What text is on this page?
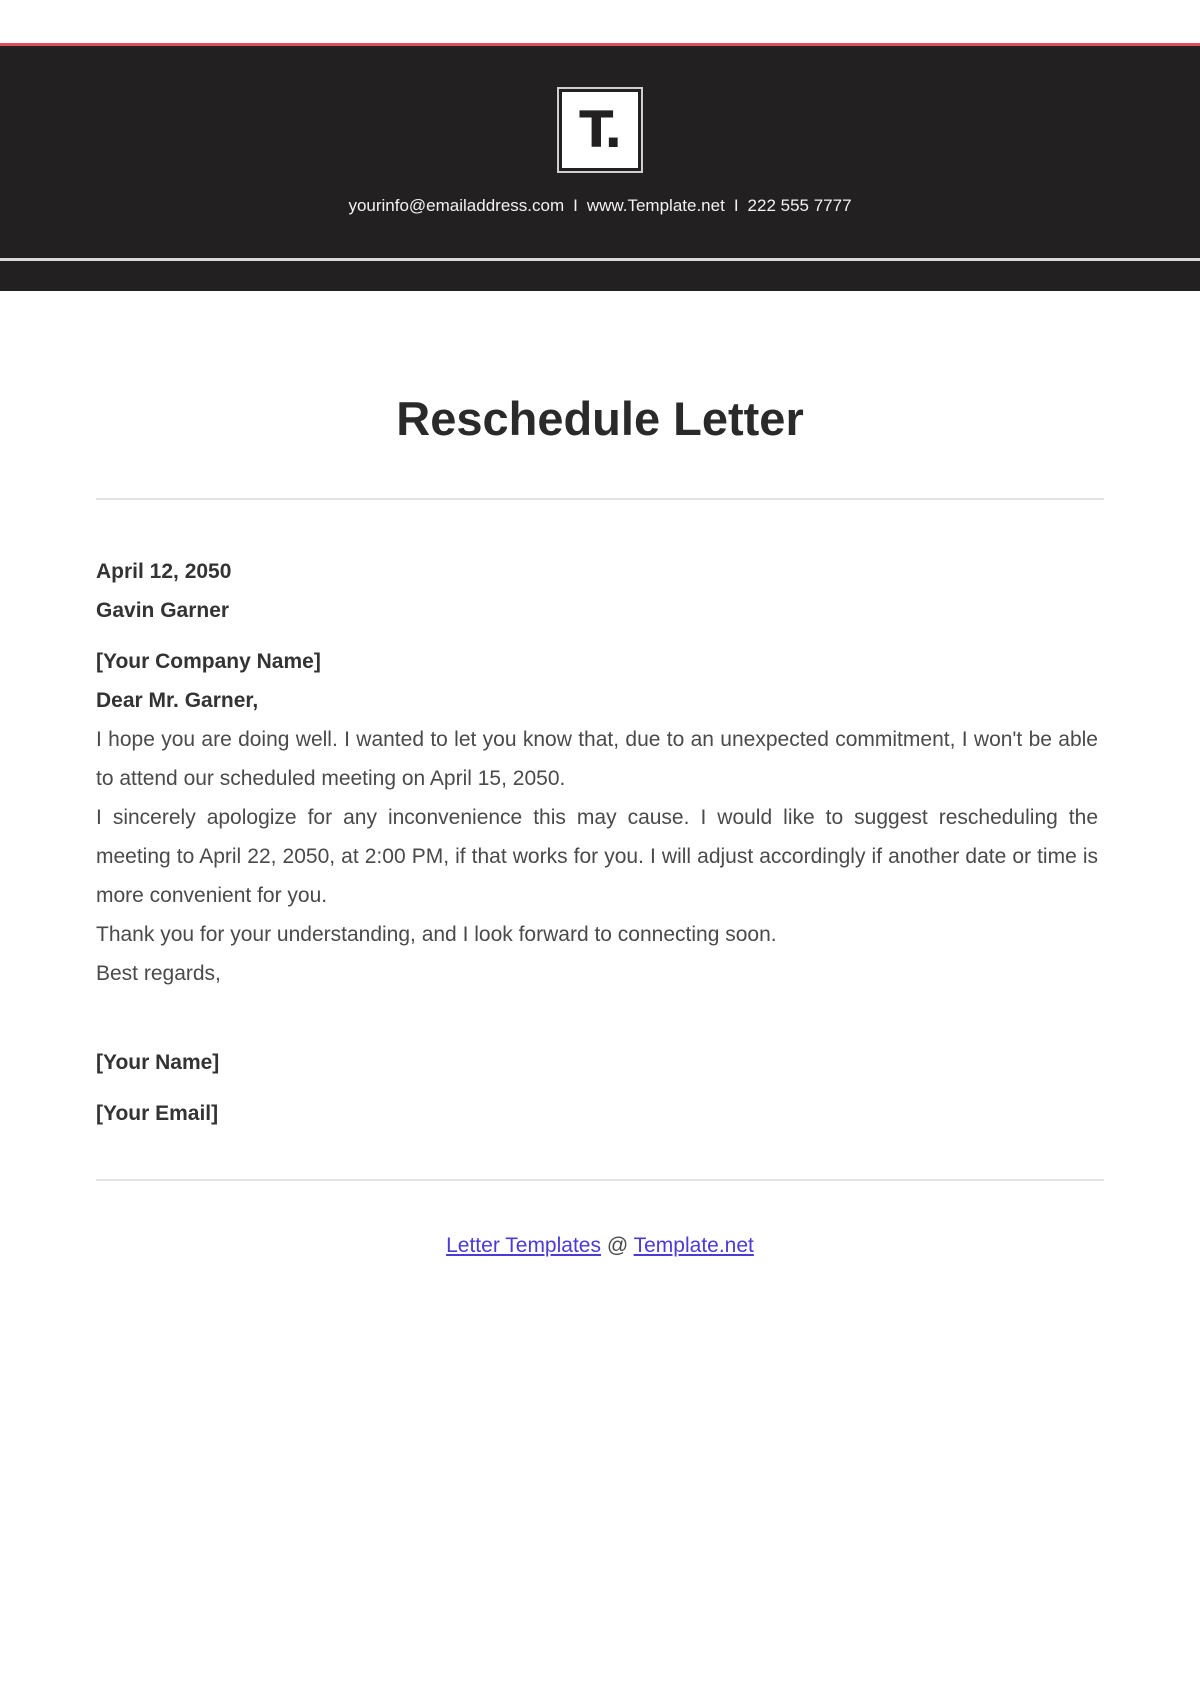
T.
yourinfo@emailaddress.com I www.Template.net I 222 555 7777
Reschedule Letter

April 12, 2050

Gavin Garner

[Your Company Name]

Dear Mr. Garner,

I hope you are doing well. I wanted to let you know that, due to an unexpected commitment, I won't be able to attend our scheduled meeting on April 15, 2050.

I sincerely apologize for any inconvenience this may cause. I would like to suggest rescheduling the meeting to April 22, 2050, at 2:00 PM, if that works for you. I will adjust accordingly if another date or time is more convenient for you.

Thank you for your understanding, and I look forward to connecting soon.

Best regards,

[Your Name]

[Your Email]

Letter Templates @ Template.net
